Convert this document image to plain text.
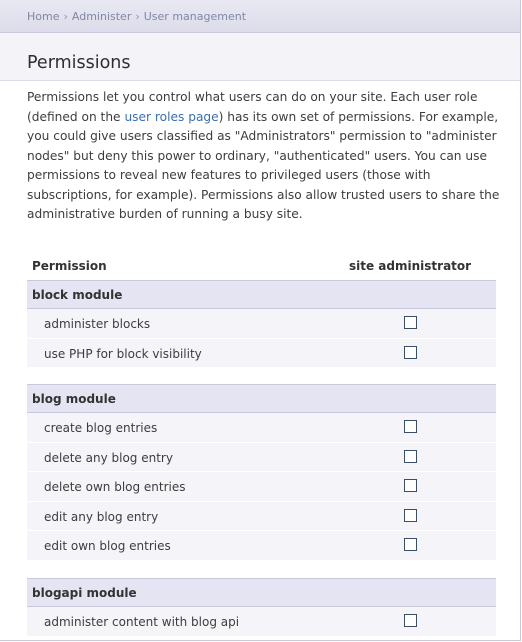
Home › Administer › User management
Permissions

Permissions let you control what users can do on your site. Each user role (defined on the user roles page) has its own set of permissions. For example, you could give users classified as "Administrators" permission to "administer nodes" but deny this power to ordinary, "authenticated" users. You can use permissions to reveal new features to privileged users (those with subscriptions, for example). Permissions also allow trusted users to share the administrative burden of running a busy site.

Permission	site administrator
block module
administer blocks
use PHP for block visibility
blog module
create blog entries
delete any blog entry
delete own blog entries
edit any blog entry
edit own blog entries
blogapi module
administer content with blog api
